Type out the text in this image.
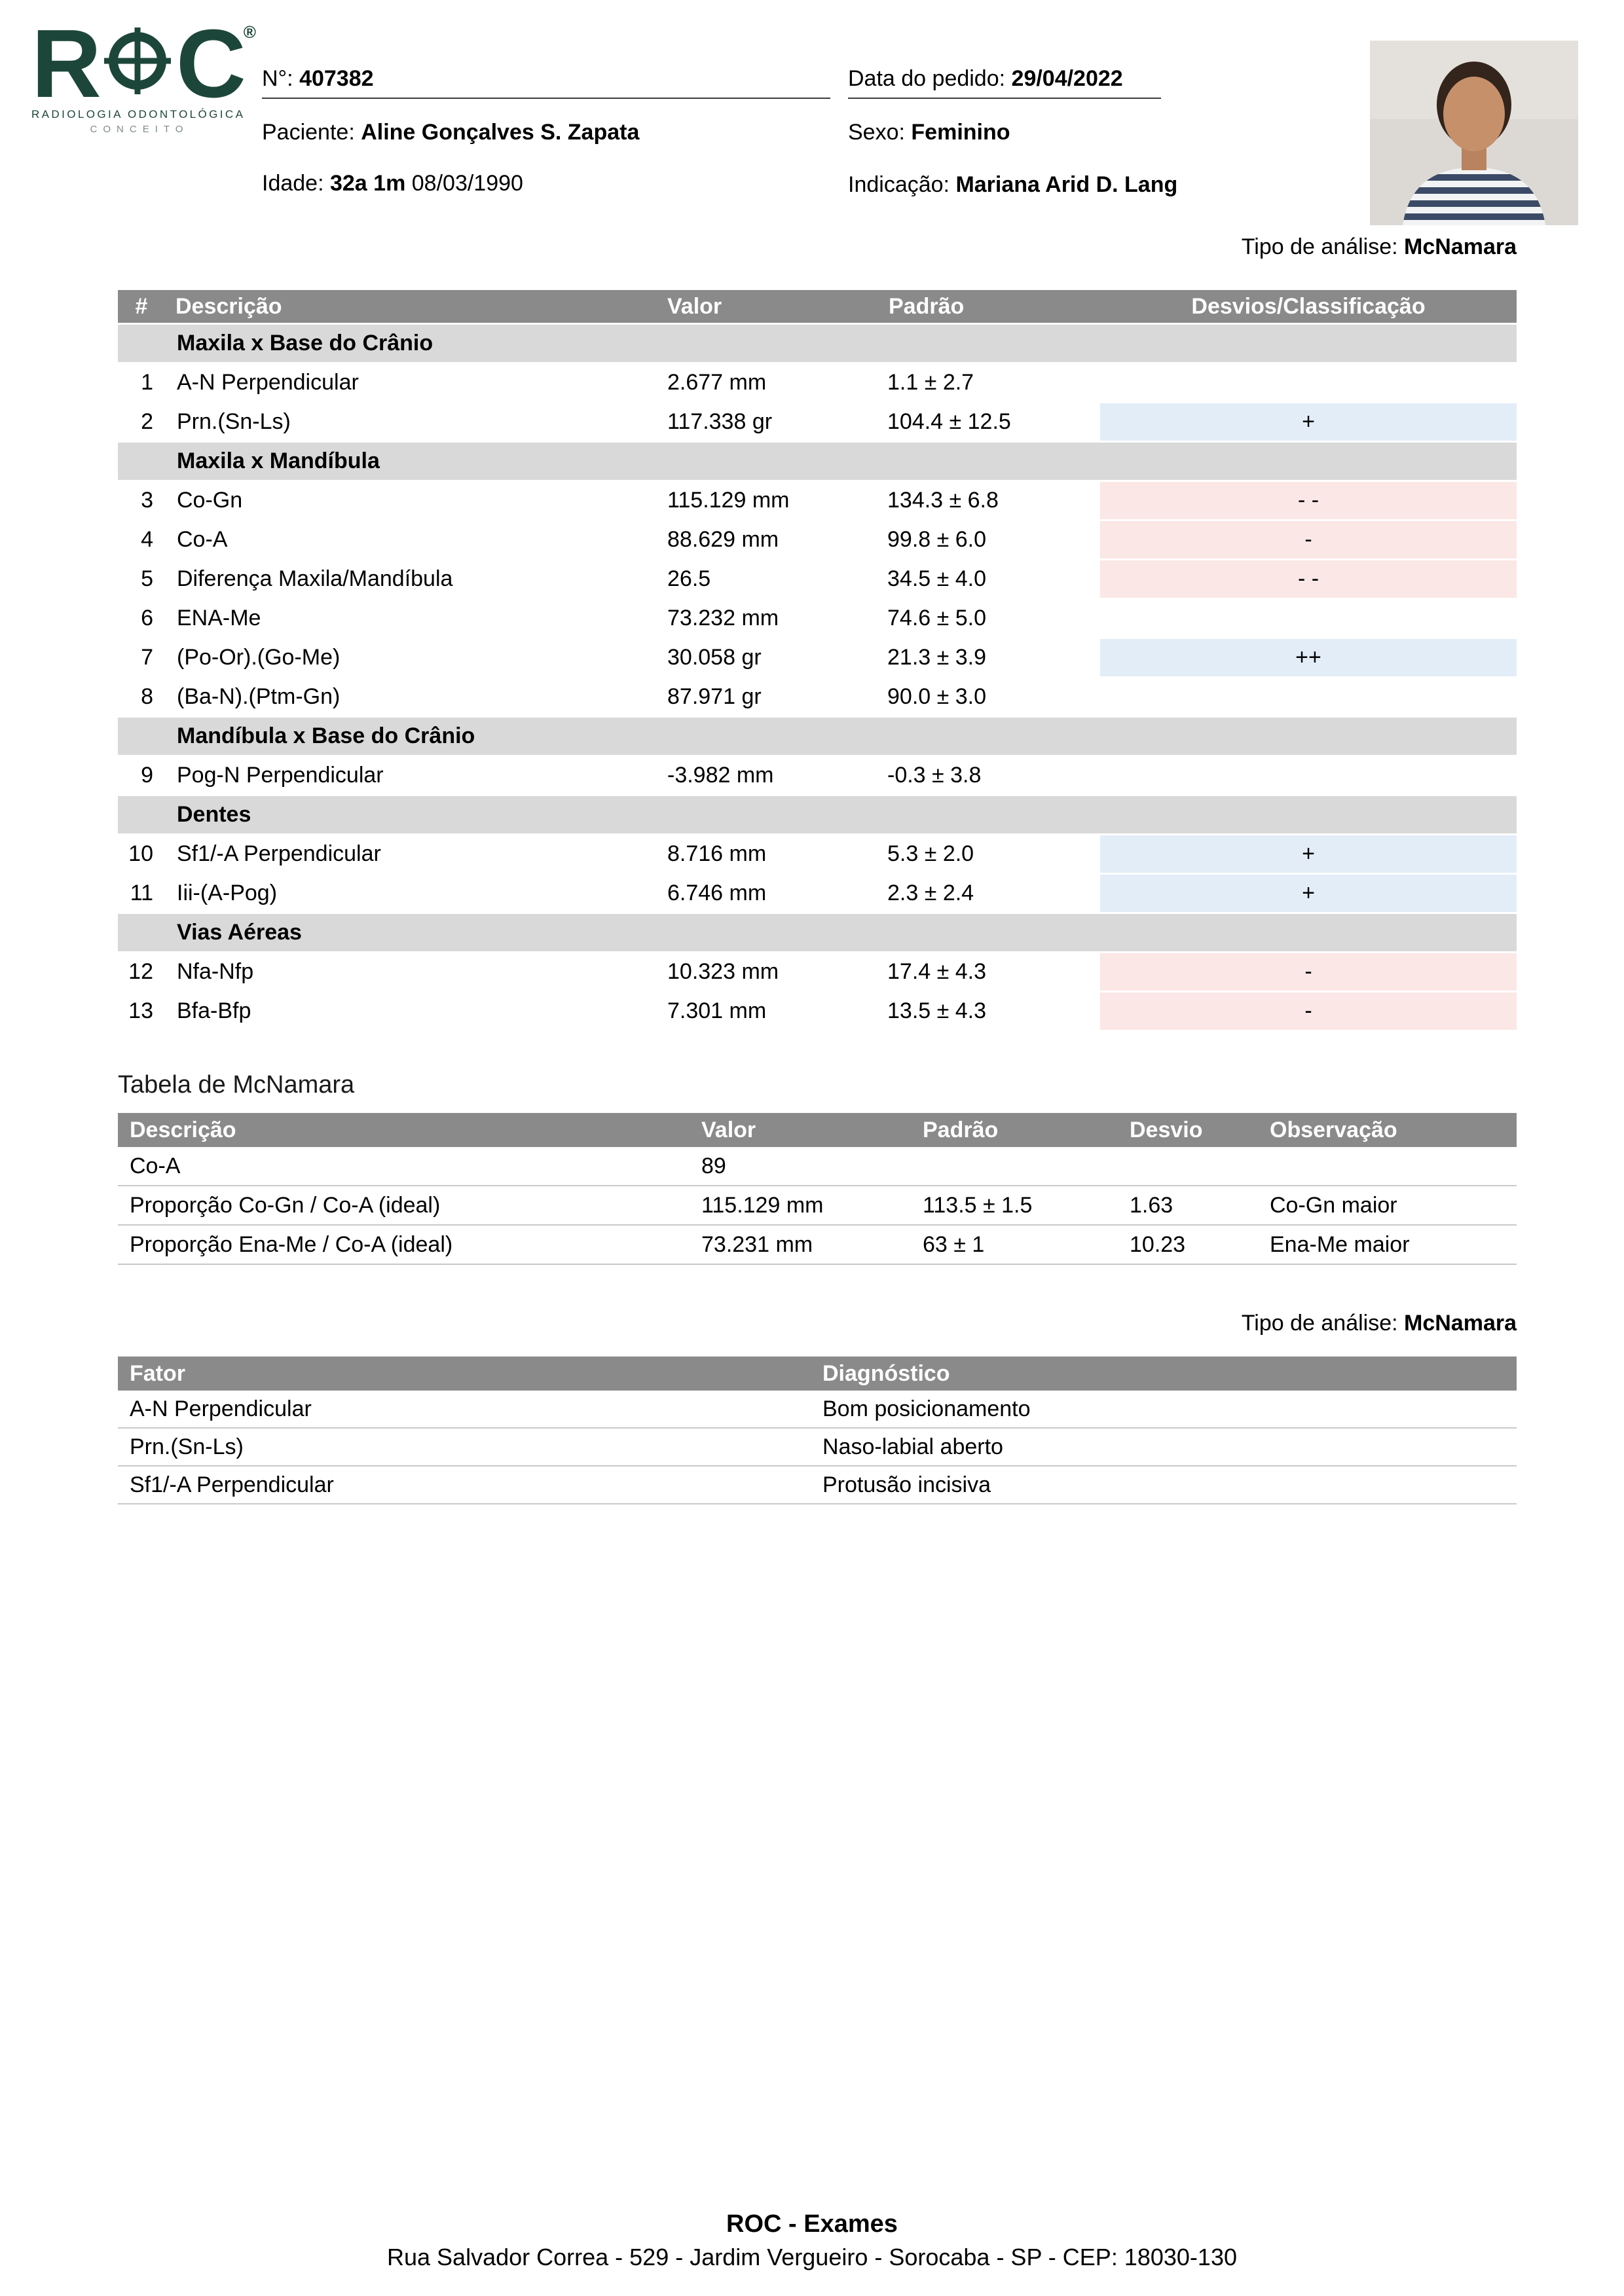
R C ®
RADIOLOGIA ODONTOLÓGICA
CONCEITO
N°: 407382	Data do pedido: 29/04/2022
Paciente: Aline Gonçalves S. Zapata	Sexo: Feminino
Idade: 32a 1m 08/03/1990	Indicação: Mariana Arid D. Lang
Tipo de análise: McNamara
#	Descrição	Valor	Padrão	Desvios/Classificação
Maxila x Base do Crânio				
1	A-N Perpendicular	2.677 mm	1.1 ± 2.7	
2	Prn.(Sn-Ls)	117.338 gr	104.4 ± 12.5	+
Maxila x Mandíbula				
3	Co-Gn	115.129 mm	134.3 ± 6.8	- -
4	Co-A	88.629 mm	99.8 ± 6.0	-
5	Diferença Maxila/Mandíbula	26.5	34.5 ± 4.0	- -
6	ENA-Me	73.232 mm	74.6 ± 5.0	
7	(Po-Or).(Go-Me)	30.058 gr	21.3 ± 3.9	++
8	(Ba-N).(Ptm-Gn)	87.971 gr	90.0 ± 3.0	
Mandíbula x Base do Crânio				
9	Pog-N Perpendicular	-3.982 mm	-0.3 ± 3.8	
Dentes				
10	Sf1/-A Perpendicular	8.716 mm	5.3 ± 2.0	+
11	Iii-(A-Pog)	6.746 mm	2.3 ± 2.4	+
Vias Aéreas				
12	Nfa-Nfp	10.323 mm	17.4 ± 4.3	-
13	Bfa-Bfp	7.301 mm	13.5 ± 4.3	-
Tabela de McNamara
Descrição	Valor	Padrão	Desvio	Observação
Co-A	89			
Proporção Co-Gn / Co-A (ideal)	115.129 mm	113.5 ± 1.5	1.63	Co-Gn maior
Proporção Ena-Me / Co-A (ideal)	73.231 mm	63 ± 1	10.23	Ena-Me maior
Tipo de análise: McNamara
Fator	Diagnóstico
A-N Perpendicular	Bom posicionamento
Prn.(Sn-Ls)	Naso-labial aberto
Sf1/-A Perpendicular	Protusão incisiva
ROC - Exames
Rua Salvador Correa - 529 - Jardim Vergueiro - Sorocaba - SP - CEP: 18030-130
